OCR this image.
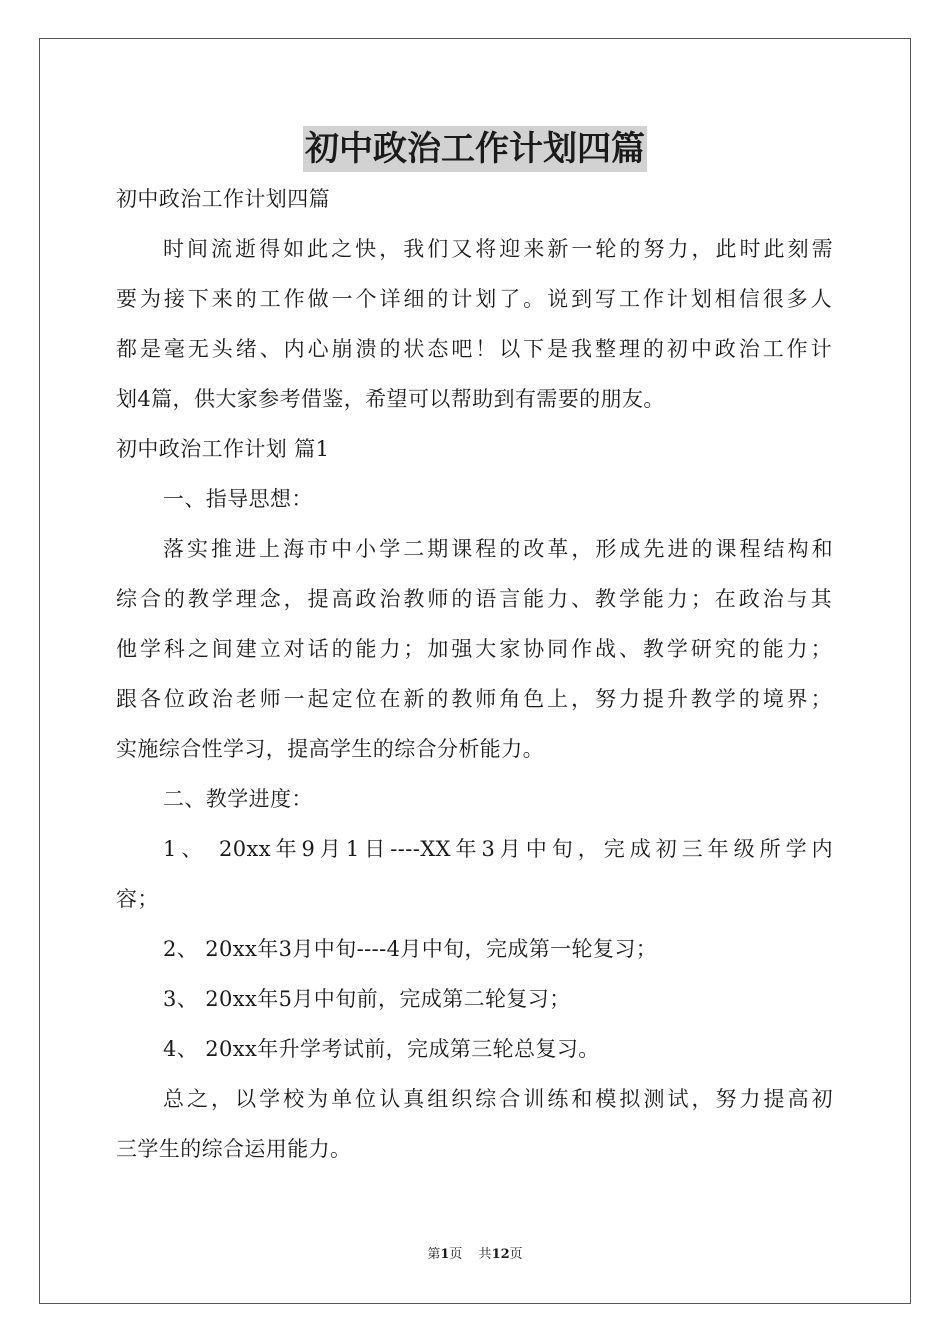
初中政治工作计划四篇
初中政治工作计划四篇
时间流逝得如此之快，我们又将迎来新一轮的努力，此时此刻需
要为接下来的工作做一个详细的计划了。说到写工作计划相信很多人
都是毫无头绪、内心崩溃的状态吧！以下是我整理的初中政治工作计
划4篇，供大家参考借鉴，希望可以帮助到有需要的朋友。
初中政治工作计划 篇1
一、指导思想：
落实推进上海市中小学二期课程的改革，形成先进的课程结构和
综合的教学理念，提高政治教师的语言能力、教学能力；在政治与其
他学科之间建立对话的能力；加强大家协同作战、教学研究的能力；
跟各位政治老师一起定位在新的教师角色上，努力提升教学的境界；
实施综合性学习，提高学生的综合分析能力。
二、教学进度：
1、 20xx年9月1日----XX年3月中旬，完成初三年级所学内
容；
2、 20xx年3月中旬----4月中旬，完成第一轮复习；
3、 20xx年5月中旬前，完成第二轮复习；
4、 20xx年升学考试前，完成第三轮总复习。
总之，以学校为单位认真组织综合训练和模拟测试，努力提高初
三学生的综合运用能力。
第1页 共12页
